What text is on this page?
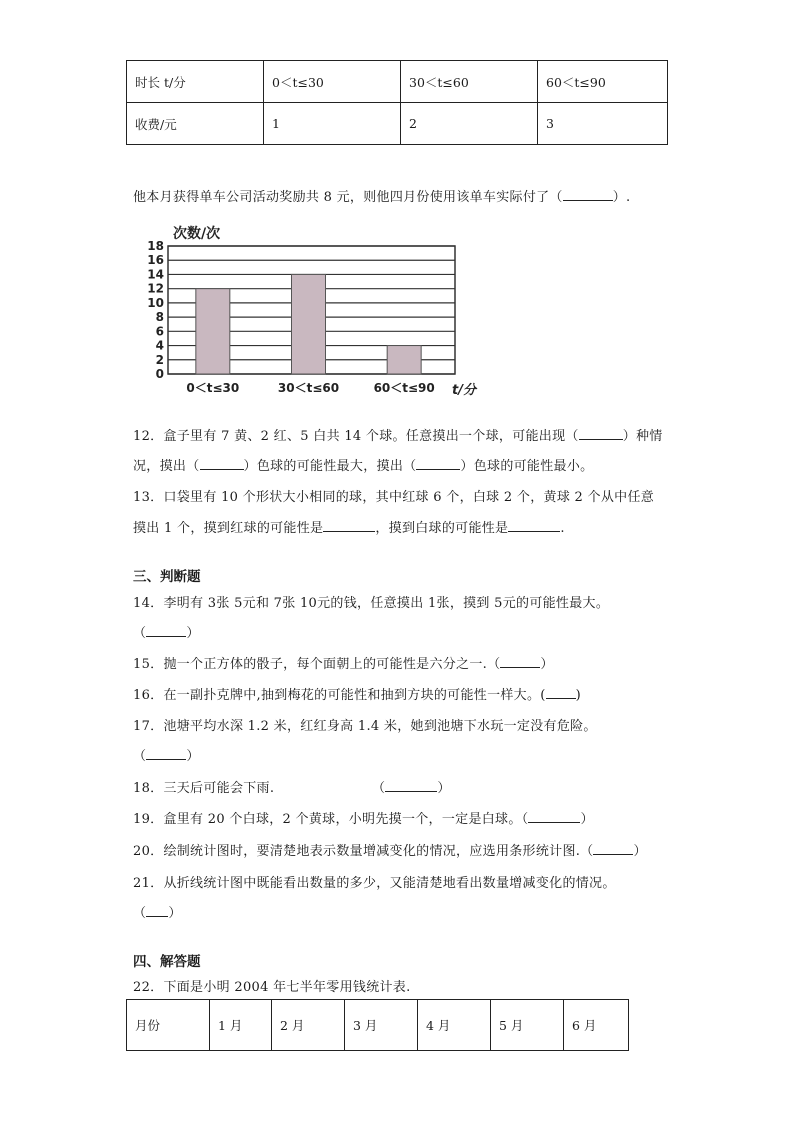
时长 t/分	0＜t≤30	30＜t≤60	60＜t≤90
收费/元	1	2	3
他本月获得单车公司活动奖励共 8 元，则他四月份使用该单车实际付了（	）.
次数/次
0
2
4
6
8
10
12
14
16
18
0＜t≤30	30＜t≤60	60＜t≤90 t/分
12．盒子里有 7 黄、2 红、5 白共 14 个球。任意摸出一个球，可能出现（	）种情
况，摸出（	）色球的可能性最大，摸出（	）色球的可能性最小。
13．口袋里有 10 个形状大小相同的球，其中红球 6 个，白球 2 个，黄球 2 个从中任意
摸出 1 个，摸到红球的可能性是	，摸到白球的可能性是	.
三、判断题
14．李明有 3张 5元和 7张 10元的钱，任意摸出 1张，摸到 5元的可能性最大。
（	）
15．抛一个正方体的骰子，每个面朝上的可能性是六分之一.（	）
16．在一副扑克牌中,抽到梅花的可能性和抽到方块的可能性一样大。( )
17．池塘平均水深 1.2 米，红红身高 1.4 米，她到池塘下水玩一定没有危险。
（	）
18．三天后可能会下雨.	（	）
19．盒里有 20 个白球，2 个黄球，小明先摸一个，一定是白球。（	）
20．绘制统计图时，要清楚地表示数量增减变化的情况，应选用条形统计图.（	）
21．从折线统计图中既能看出数量的多少，又能清楚地看出数量增减变化的情况。
（ ）
四、解答题
22．下面是小明 2004 年七半年零用钱统计表.
月份	1 月	2 月	3 月	4 月	5 月	6 月
